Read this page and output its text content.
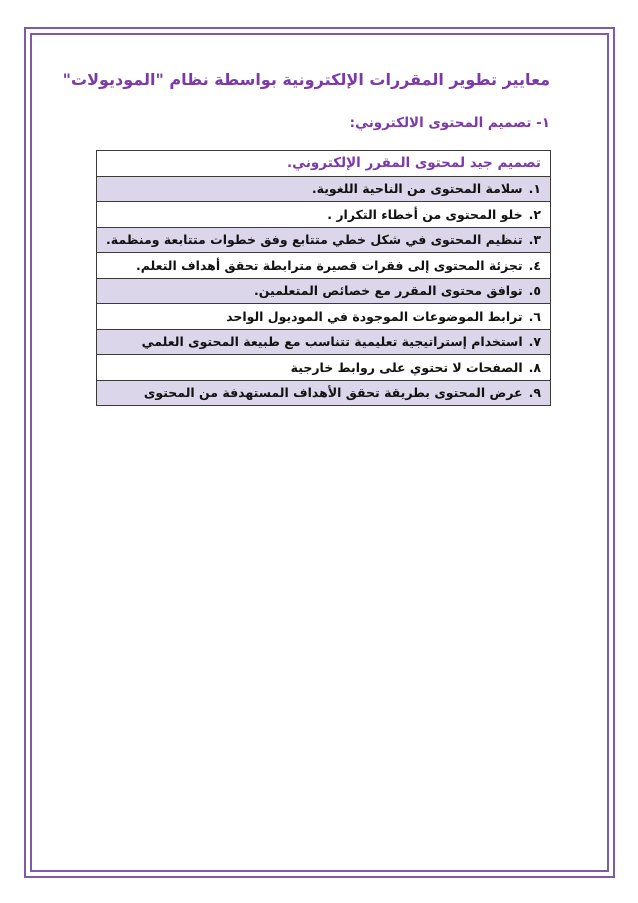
معايير تطوير المقررات الإلكترونية بواسطة نظام "الموديولات"
١- تصميم المحتوى الالكتروني:
تصميم جيد لمحتوى المقرر الإلكتروني.
١.سلامة المحتوى من الناحية اللغوية.
٢.خلو المحتوى من أخطاء التكرار .
٣.تنظيم المحتوى في شكل خطي متتابع وفق خطوات متتابعة ومنظمة.
٤.تجزئة المحتوى إلى فقرات قصيرة مترابطة تحقق أهداف التعلم.
٥.توافق محتوى المقرر مع خصائص المتعلمين.
٦.ترابط الموضوعات الموجودة في الموديول الواحد
٧.استخدام إستراتيجية تعليمية تتناسب مع طبيعة المحتوى العلمي
٨.الصفحات لا تحتوي على روابط خارجية
٩.عرض المحتوى بطريقة تحقق الأهداف المستهدفة من المحتوى
